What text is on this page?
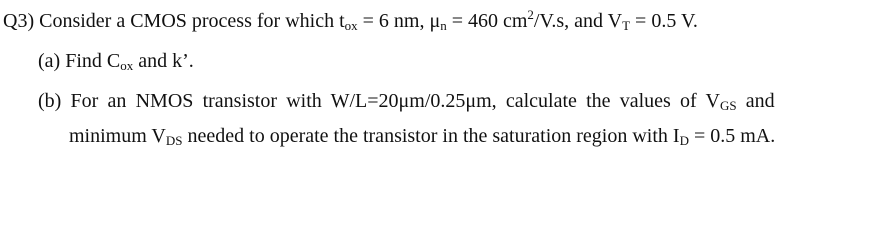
Q3) Consider a CMOS process for which $t_{ox} = 6$ nm, $\mu_n = 460$ $cm^2/V.s$, and $V_T = 0.5$ V.
(a) Find $C_{ox}$ and k’.
(b) For an NMOS transistor with W/L=20μm/0.25μm, calculate the values of $V_{GS}$ and
minimum $V_{DS}$ needed to operate the transistor in the saturation region with $I_D = 0.5$ mA.
